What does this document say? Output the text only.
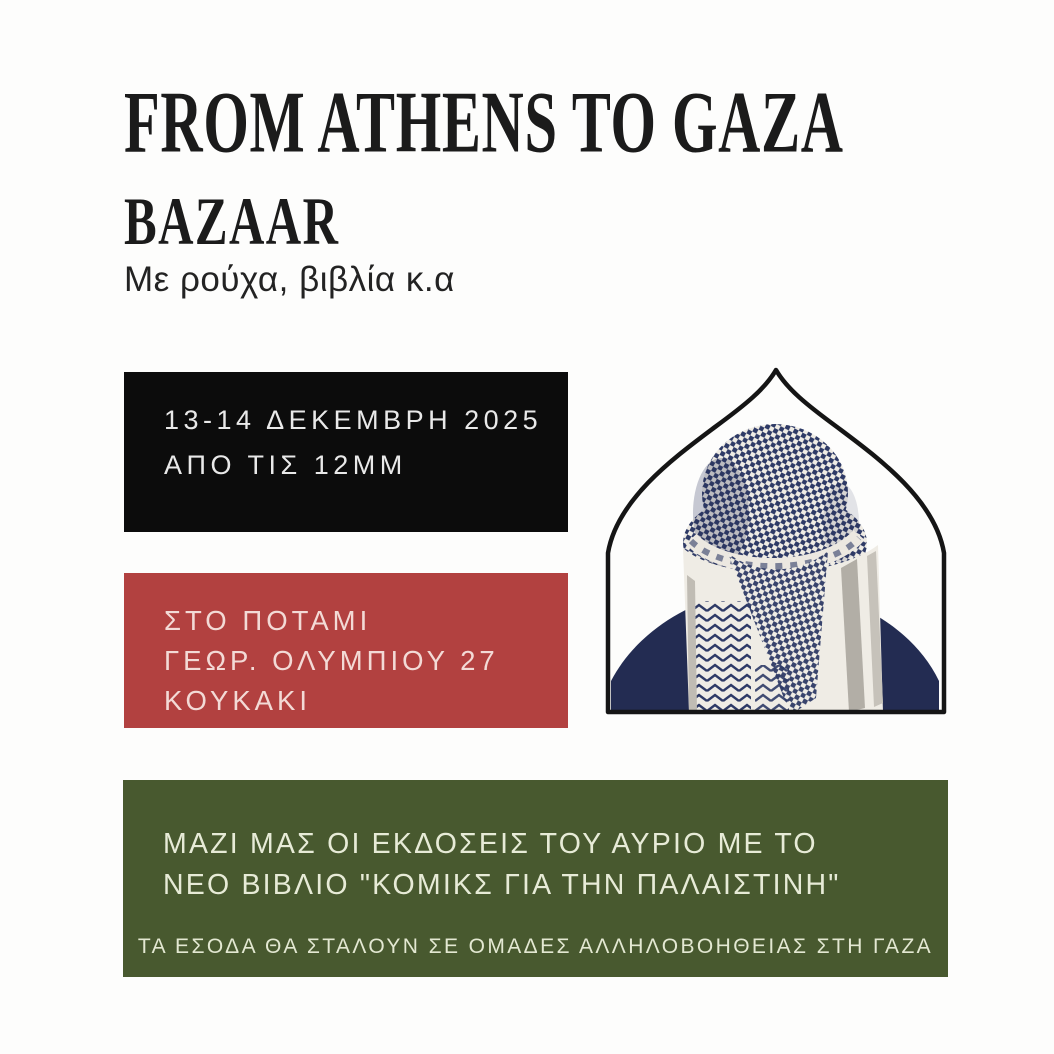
FROM ATHENS TO GAZA
BAZAAR

Με ρούχα, βιβλία κ.α

13-14 ΔΕΚΕΜΒΡΗ 2025
ΑΠΟ ΤΙΣ 12ΜΜ
ΣΤΟ ΠΟΤΑΜΙ
ΓΕΩΡ. ΟΛΥΜΠΙΟΥ 27
ΚΟΥΚΑΚΙ
ΜΑΖΙ ΜΑΣ ΟΙ ΕΚΔΟΣΕΙΣ ΤΟΥ ΑΥΡΙΟ ΜΕ ΤΟ
ΝΕΟ ΒΙΒΛΙΟ "ΚΟΜΙΚΣ ΓΙΑ ΤΗΝ ΠΑΛΑΙΣΤΙΝΗ"
ΤΑ ΕΣΟΔΑ ΘΑ ΣΤΑΛΟΥΝ ΣΕ ΟΜΑΔΕΣ ΑΛΛΗΛΟΒΟΗΘΕΙΑΣ ΣΤΗ ΓΑΖΑ
